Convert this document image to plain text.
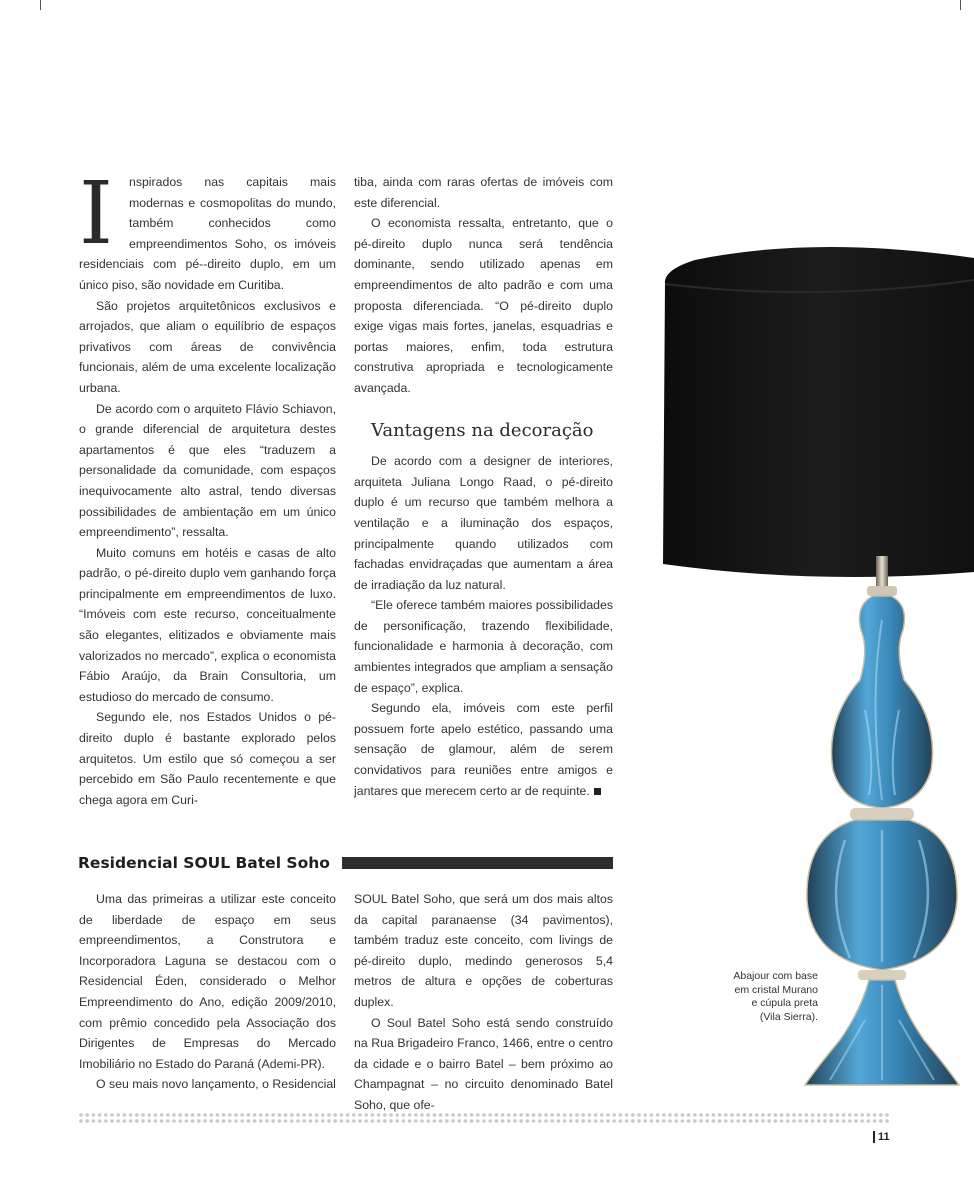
I	nspirados nas capitais mais modernas e cosmopolitas do mundo, também conhecidos como empreendimentos Soho, os imóveis residenciais com pé--direito duplo, em um único piso, são novidade em Curitiba.

São projetos arquitetônicos exclusivos e arrojados, que aliam o equilíbrio de espaços privativos com áreas de convivência funcionais, além de uma excelente localização urbana.

De acordo com o arquiteto Flávio Schiavon, o grande diferencial de arquitetura destes apartamentos é que eles “traduzem a personalidade da comunidade, com espaços inequivocamente alto astral, tendo diversas possibilidades de ambientação em um único empreendimento”, ressalta.

Muito comuns em hotéis e casas de alto padrão, o pé-direito duplo vem ganhando força principalmente em empreendimentos de luxo. “Imóveis com este recurso, conceitualmente são elegantes, elitizados e obviamente mais valorizados no mercado”, explica o economista Fábio Araújo, da Brain Consultoria, um estudioso do mercado de consumo.

Segundo ele, nos Estados Unidos o pé-direito duplo é bastante explorado pelos arquitetos. Um estilo que só começou a ser percebido em São Paulo recentemente e que chega agora em Curi-

tiba, ainda com raras ofertas de imóveis com este diferencial.

O economista ressalta, entretanto, que o pé-direito duplo nunca será tendência dominante, sendo utilizado apenas em empreendimentos de alto padrão e com uma proposta diferenciada. “O pé-direito duplo exige vigas mais fortes, janelas, esquadrias e portas maiores, enfim, toda estrutura construtiva apropriada e tecnologicamente avançada.

Vantagens na decoração

De acordo com a designer de interiores, arquiteta Juliana Longo Raad, o pé-direito duplo é um recurso que também melhora a ventilação e a iluminação dos espaços, principalmente quando utilizados com fachadas envidraçadas que aumentam a área de irradiação da luz natural.

“Ele oferece também maiores possibilidades de personificação, trazendo flexibilidade, funcionalidade e harmonia à decoração, com ambientes integrados que ampliam a sensação de espaço”, explica.

Segundo ela, imóveis com este perfil possuem forte apelo estético, passando uma sensação de glamour, além de serem convidativos para reuniões entre amigos e jantares que merecem certo ar de requinte.

Residencial SOUL Batel Soho

Uma das primeiras a utilizar este conceito de liberdade de espaço em seus empreendimentos, a Construtora e Incorporadora Laguna se destacou com o Residencial Éden, considerado o Melhor Empreendimento do Ano, edição 2009/2010, com prêmio concedido pela Associação dos Dirigentes de Empresas do Mercado Imobiliário no Estado do Paraná (Ademi-PR).

O seu mais novo lançamento, o Residencial

SOUL Batel Soho, que será um dos mais altos da capital paranaense (34 pavimentos), também traduz este conceito, com livings de pé-direito duplo, medindo generosos 5,4 metros de altura e opções de coberturas duplex.

O Soul Batel Soho está sendo construído na Rua Brigadeiro Franco, 1466, entre o centro da cidade e o bairro Batel – bem próximo ao Champagnat – no circuito denominado Batel Soho, que ofe-

Abajour com base em cristal Murano e cúpula preta (Vila Sierra).
11
